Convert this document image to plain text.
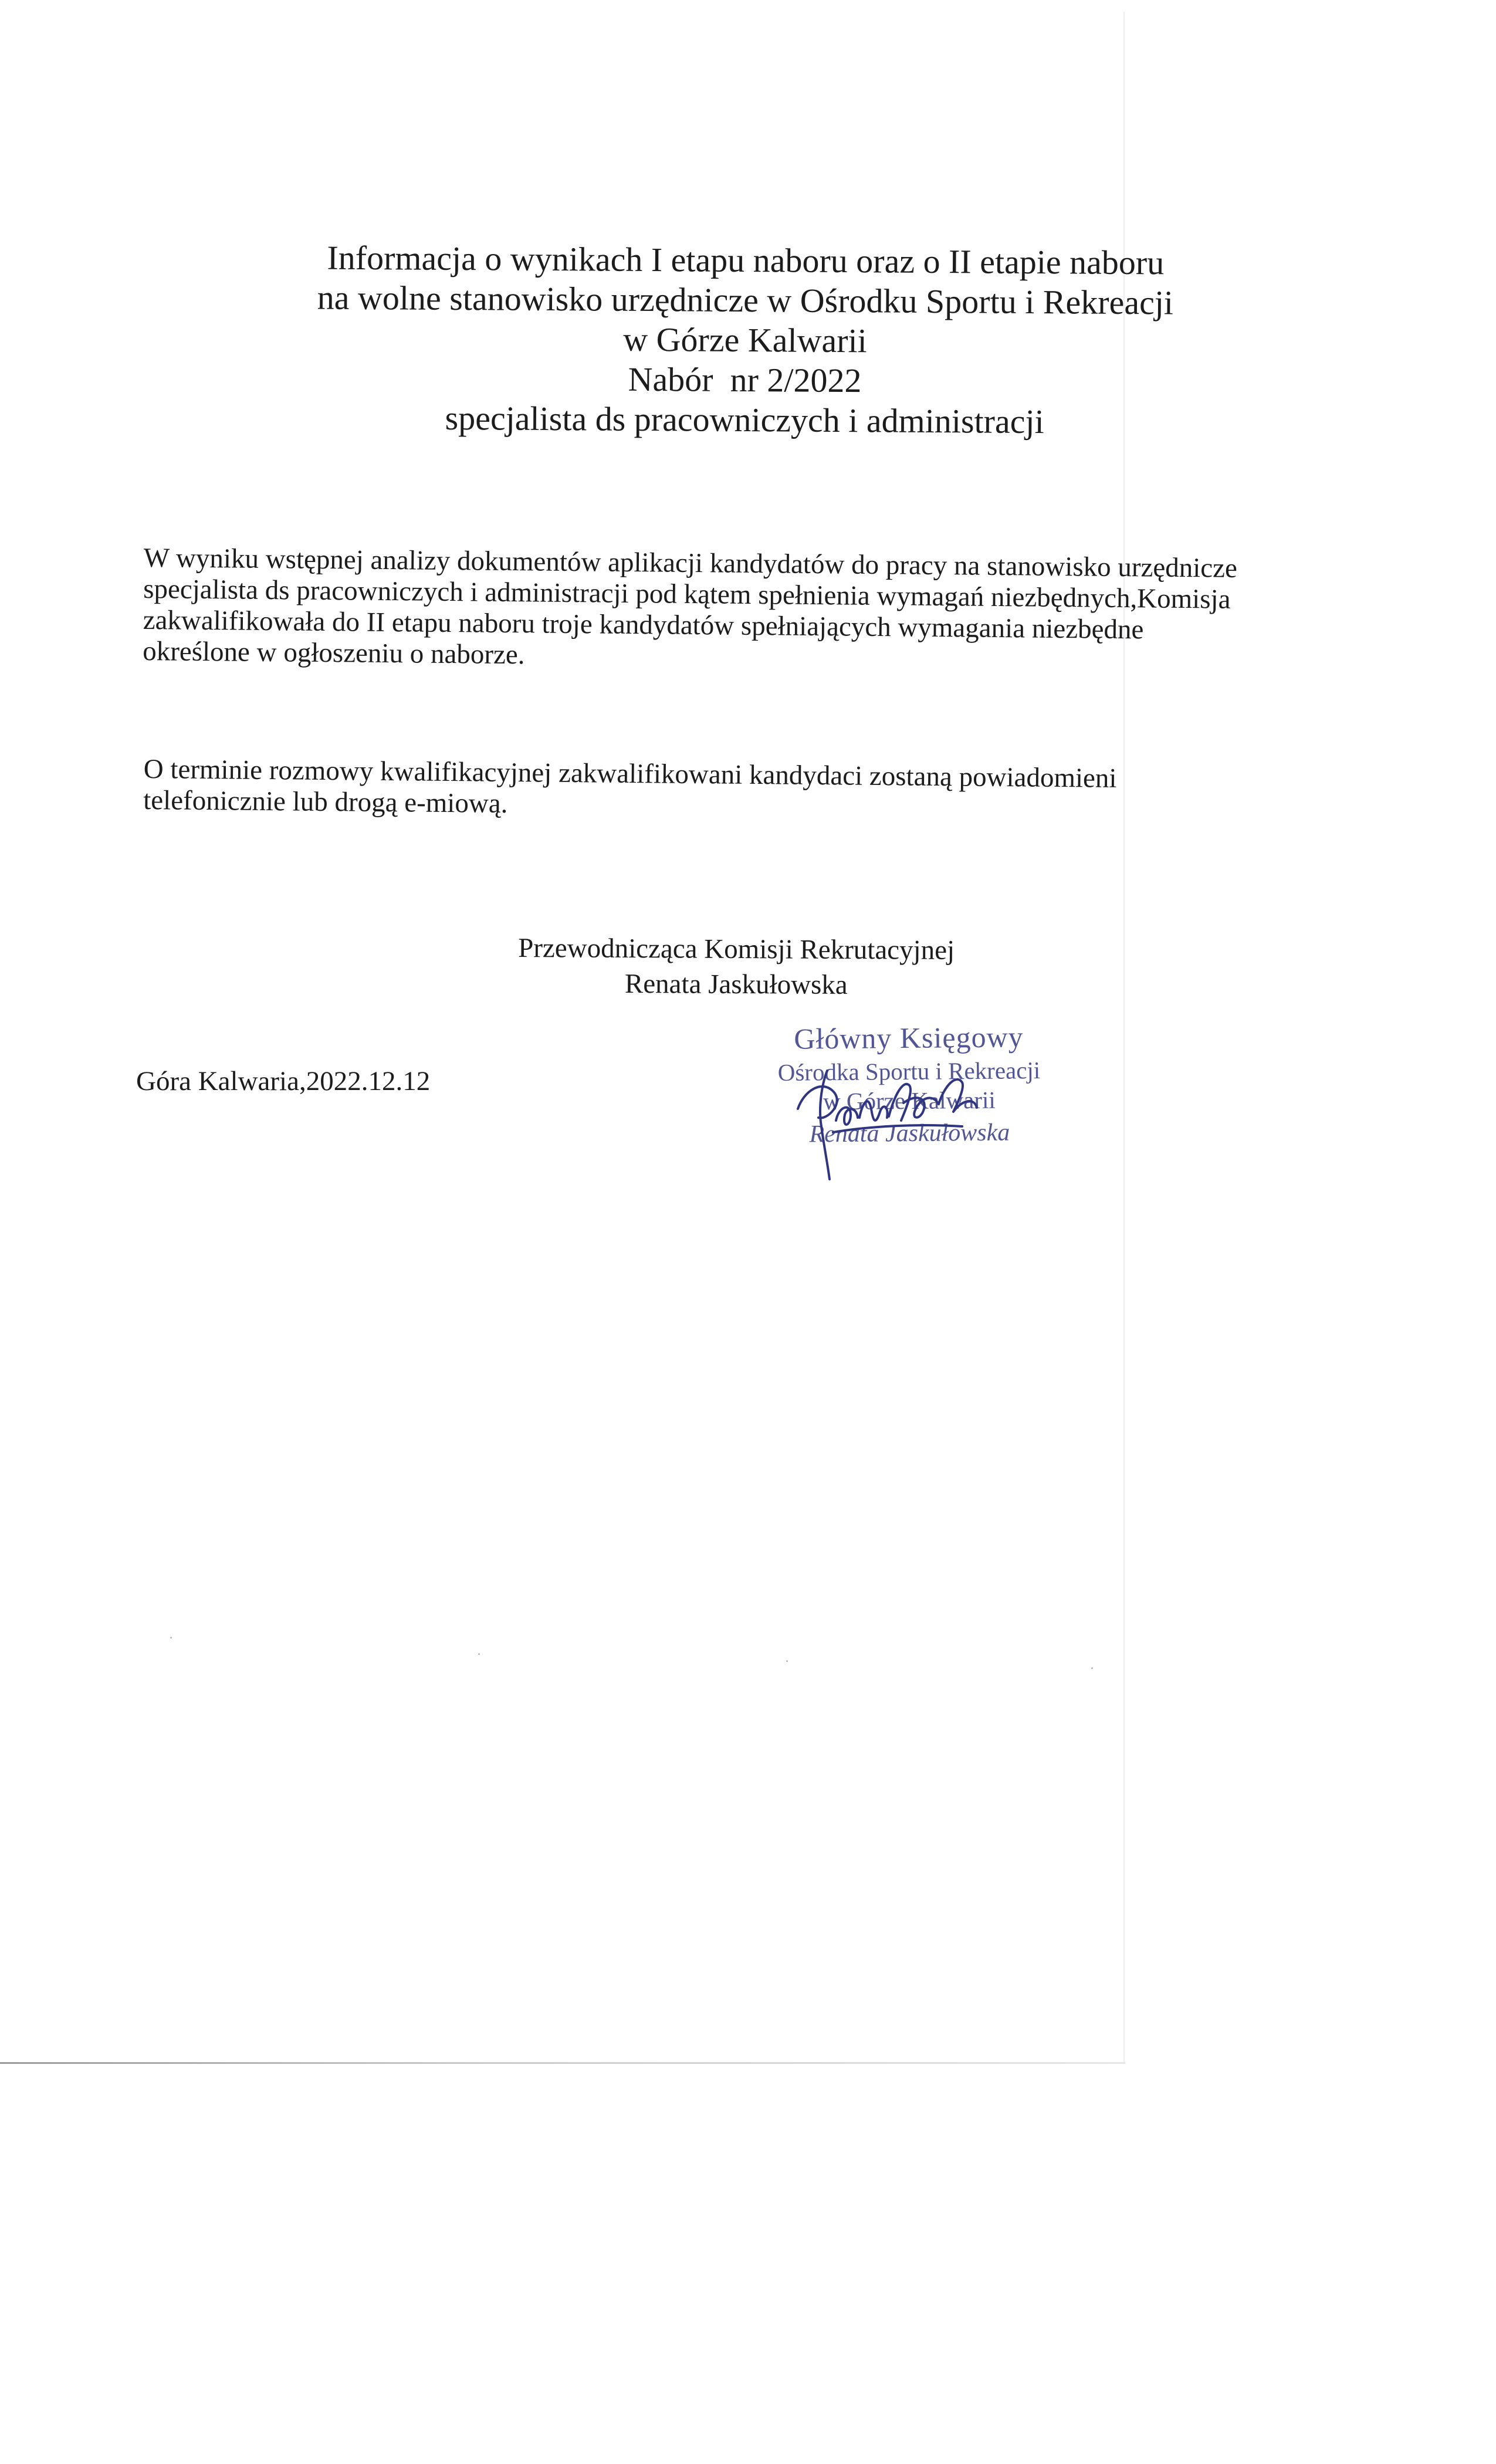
Informacja o wynikach I etapu naboru oraz o II etapie naboru
na wolne stanowisko urzędnicze w Ośrodku Sportu i Rekreacji
w Górze Kalwarii
Nabór  nr 2/2022
specjalista ds pracowniczych i administracji
W wyniku wstępnej analizy dokumentów aplikacji kandydatów do pracy na stanowisko urzędnicze
specjalista ds pracowniczych i administracji pod kątem spełnienia wymagań niezbędnych,Komisja
zakwalifikowała do II etapu naboru troje kandydatów spełniających wymagania niezbędne
określone w ogłoszeniu o naborze.
O terminie rozmowy kwalifikacyjnej zakwalifikowani kandydaci zostaną powiadomieni
telefonicznie lub drogą e-miową.
Przewodnicząca Komisji Rekrutacyjnej
Renata Jaskułowska
Góra Kalwaria,2022.12.12
Główny Księgowy
Ośrodka Sportu i Rekreacji
w Górze Kalwarii
Renata Jaskułowska
